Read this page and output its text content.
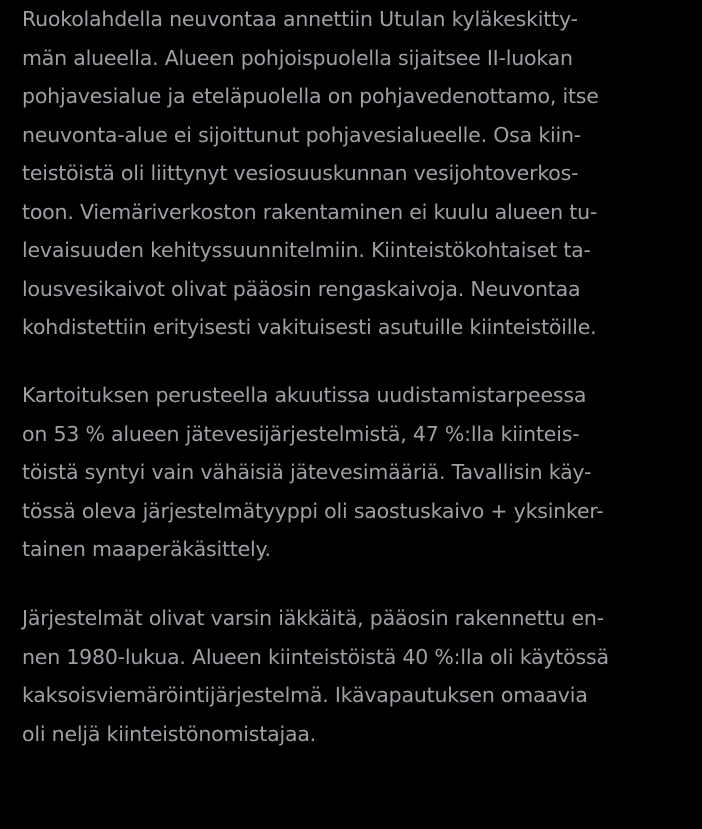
Ruokolahdella neuvontaa annettiin Utulan kyläkeskitty-
män alueella. Alueen pohjoispuolella sijaitsee II-luokan
pohjavesialue ja eteläpuolella on pohjavedenottamo, itse
neuvonta-alue ei sijoittunut pohjavesialueelle. Osa kiin-
teistöistä oli liittynyt vesiosuuskunnan vesijohtoverkos-
toon. Viemäriverkoston rakentaminen ei kuulu alueen tu-
levaisuuden kehityssuunnitelmiin. Kiinteistökohtaiset ta-
lousvesikaivot olivat pääosin rengaskaivoja. Neuvontaa
kohdistettiin erityisesti vakituisesti asutuille kiinteistöille.
Kartoituksen perusteella akuutissa uudistamistarpeessa
on 53 % alueen jätevesijärjestelmistä, 47 %:lla kiinteis-
töistä syntyi vain vähäisiä jätevesimääriä. Tavallisin käy-
tössä oleva järjestelmätyyppi oli saostuskaivo + yksinker-
tainen maaperäkäsittely.
Järjestelmät olivat varsin iäkkäitä, pääosin rakennettu en-
nen 1980-lukua. Alueen kiinteistöistä 40 %:lla oli käytössä
kaksoisviemäröintijärjestelmä. Ikävapautuksen omaavia
oli neljä kiinteistönomistajaa.
